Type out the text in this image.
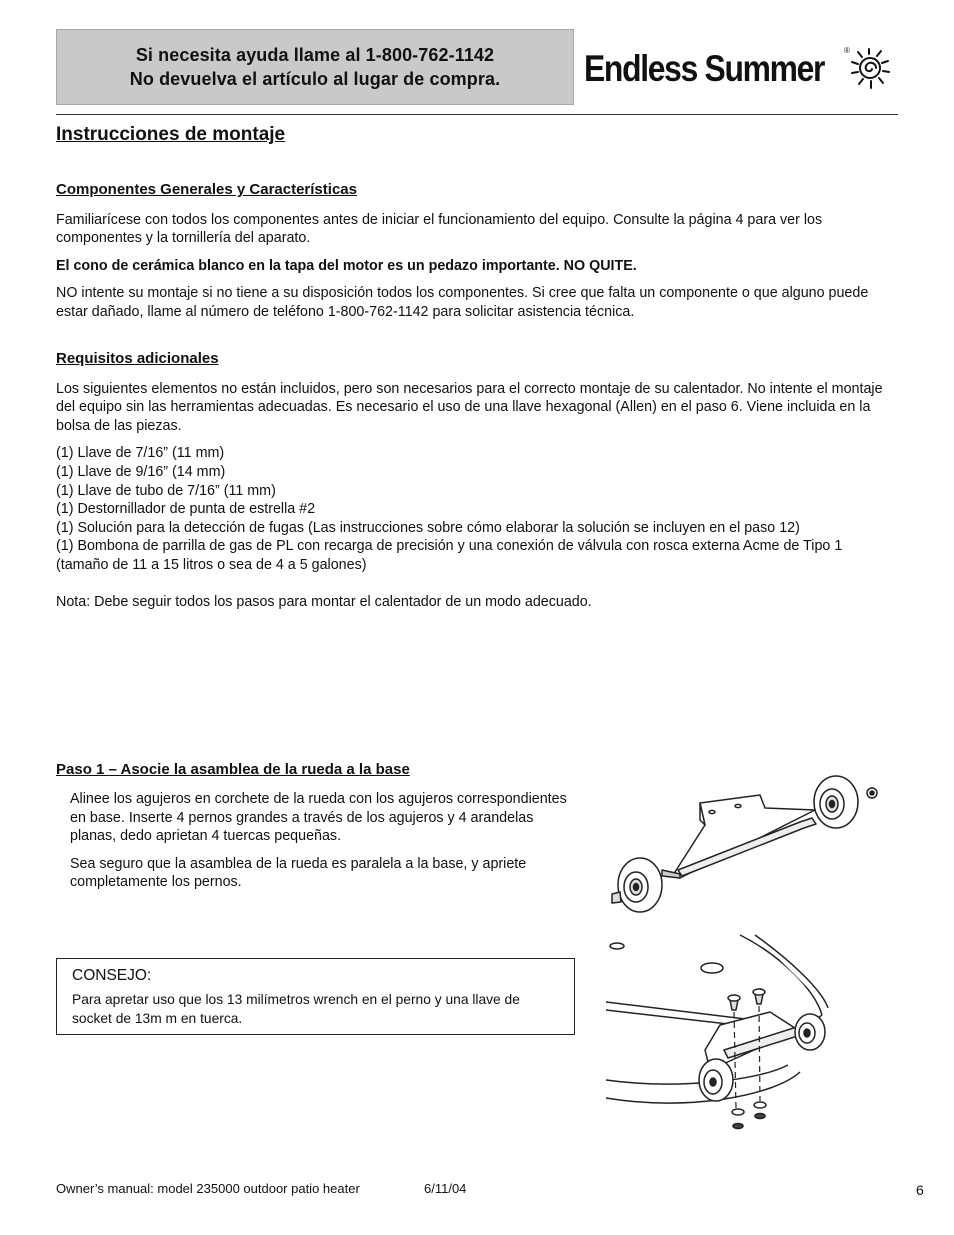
Si necesita ayuda llame al 1-800-762-1142
No devuelva el artículo al lugar de compra. Endless Summer ®
Instrucciones de montaje
Componentes Generales y Características

Familiarícese con todos los componentes antes de iniciar el funcionamiento del equipo. Consulte la página 4 para ver los componentes y la tornillería del aparato.

El cono de cerámica blanco en la tapa del motor es un pedazo importante. NO QUITE.

NO intente su montaje si no tiene a su disposición todos los componentes. Si cree que falta un componente o que alguno puede estar dañado, llame al número de teléfono 1-800-762-1142 para solicitar asistencia técnica.

Requisitos adicionales

Los siguientes elementos no están incluidos, pero son necesarios para el correcto montaje de su calentador. No intente el montaje del equipo sin las herramientas adecuadas. Es necesario el uso de una llave hexagonal (Allen) en el paso 6. Viene incluida en la bolsa de las piezas.

(1) Llave de 7/16” (11 mm)
(1) Llave de 9/16” (14 mm)
(1) Llave de tubo de 7/16” (11 mm)
(1) Destornillador de punta de estrella #2
(1) Solución para la detección de fugas (Las instrucciones sobre cómo elaborar la solución se incluyen en el paso 12)
(1) Bombona de parrilla de gas de PL con recarga de precisión y una conexión de válvula con rosca externa Acme de Tipo 1 (tamaño de 11 a 15 litros o sea de 4 a 5 galones)

Nota: Debe seguir todos los pasos para montar el calentador de un modo adecuado.

Paso 1 – Asocie la asamblea de la rueda a la base

Alinee los agujeros en corchete de la rueda con los agujeros correspondientes en base. Inserte 4 pernos grandes a través de los agujeros y 4 arandelas planas, dedo aprietan 4 tuercas pequeñas.

Sea seguro que la asamblea de la rueda es paralela a la base, y apriete completamente los pernos.

CONSEJO:
Para apretar uso que los 13 milímetros wrench en el perno y una llave de socket de 13m m en tuerca.
Owner’s manual: model 235000 outdoor patio heater	6/11/04	6
